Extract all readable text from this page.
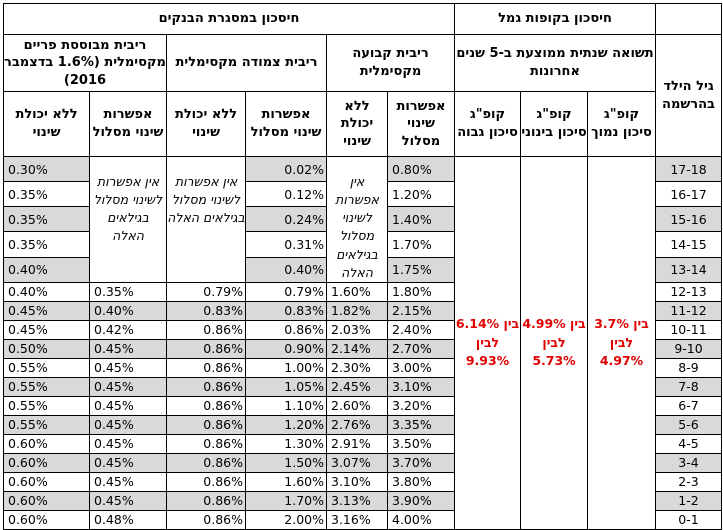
	חיסכון בקופות גמל			חיסכון במסגרת הבנקים					
גיל הילד בהרשמה	תשואה שנתית ממוצעת ב-5 שנים אחרונות			ריבית קבועה מקסימלית		ריבית צמודה מקסימלית		ריבית מבוססת פריים מקסימלית (1.6% בדצמבר 2016)	
	קופ"ג סיכון נמוך	קופ"ג סיכון בינוני	קופ"ג סיכון גבוה	אפשרות שינוי מסלול	ללא יכולת שינוי	אפשרות שינוי מסלול	ללא יכולת שינוי	אפשרות שינוי מסלול	ללא יכולת שינוי
17-18	בין 3.7% לבין 4.97%	בין 4.99% לבין 5.73%	בין 6.14% לבין 9.93%	0.80%	אין אפשרות לשינוי מסלול בגילאים האלה	0.02%	אין אפשרות לשינוי מסלול בגילאים האלה	אין אפשרות לשינוי מסלול בגילאים האלה	0.30%
16-17				1.20%		0.12%			0.35%
15-16				1.40%		0.24%			0.35%
14-15				1.70%		0.31%			0.35%
13-14				1.75%		0.40%			0.40%
12-13				1.80%	1.60%	0.79%	0.79%	0.35%	0.40%
11-12				2.15%	1.82%	0.83%	0.83%	0.40%	0.45%
10-11				2.40%	2.03%	0.86%	0.86%	0.42%	0.45%
9-10				2.70%	2.14%	0.90%	0.86%	0.45%	0.50%
8-9				3.00%	2.30%	1.00%	0.86%	0.45%	0.55%
7-8				3.10%	2.45%	1.05%	0.86%	0.45%	0.55%
6-7				3.20%	2.60%	1.10%	0.86%	0.45%	0.55%
5-6				3.35%	2.76%	1.20%	0.86%	0.45%	0.55%
4-5				3.50%	2.91%	1.30%	0.86%	0.45%	0.60%
3-4				3.70%	3.07%	1.50%	0.86%	0.45%	0.60%
2-3				3.80%	3.10%	1.60%	0.86%	0.45%	0.60%
1-2				3.90%	3.13%	1.70%	0.86%	0.45%	0.60%
0-1				4.00%	3.16%	2.00%	0.86%	0.48%	0.60%
